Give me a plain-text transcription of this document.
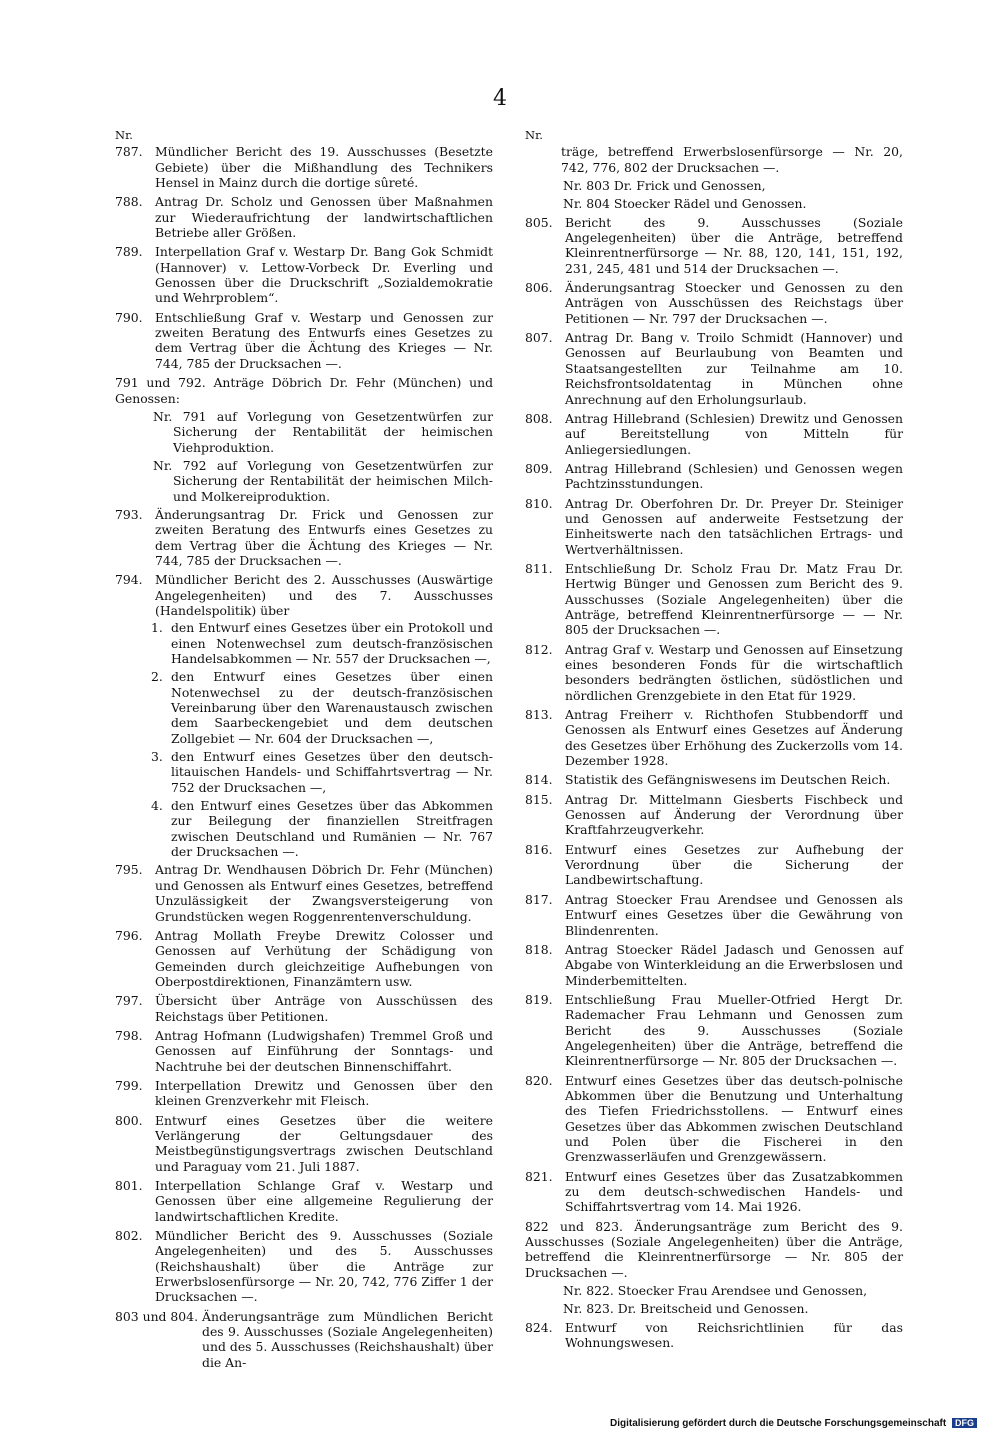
4
Nr.
787.	Mündlicher Bericht des 19. Ausschusses (Besetzte Gebiete) über die Mißhandlung des Technikers Hensel in Mainz durch die dortige sûreté.
788.	Antrag Dr. Scholz und Genossen über Maßnahmen zur Wiederaufrichtung der landwirtschaftlichen Betriebe aller Größen.
789.	Interpellation Graf v. Westarp Dr. Bang Gok Schmidt (Hannover) v. Lettow-Vorbeck Dr. Everling und Genossen über die Druckschrift „Sozialdemokratie und Wehrproblem“.
790.	Entschließung Graf v. Westarp und Genossen zur zweiten Beratung des Entwurfs eines Gesetzes zu dem Vertrag über die Ächtung des Krieges — Nr. 744, 785 der Drucksachen —.
791 und 792. Anträge Döbrich Dr. Fehr (München) und Genossen:
Nr. 791 auf Vorlegung von Gesetzentwürfen zur Sicherung der Rentabilität der heimischen Viehproduktion.
Nr. 792 auf Vorlegung von Gesetzentwürfen zur Sicherung der Rentabilität der heimischen Milch- und Molkereiproduktion.
793.	Änderungsantrag Dr. Frick und Genossen zur zweiten Beratung des Entwurfs eines Gesetzes zu dem Vertrag über die Ächtung des Krieges — Nr. 744, 785 der Drucksachen —.
794.	Mündlicher Bericht des 2. Ausschusses (Auswärtige Angelegenheiten) und des 7. Ausschusses (Handelspolitik) über
1. den Entwurf eines Gesetzes über ein Protokoll und einen Notenwechsel zum deutsch-französischen Handelsabkommen — Nr. 557 der Drucksachen —,
2. den Entwurf eines Gesetzes über einen Notenwechsel zu der deutsch-französischen Vereinbarung über den Warenaustausch zwischen dem Saarbeckengebiet und dem deutschen Zollgebiet — Nr. 604 der Drucksachen —,
3. den Entwurf eines Gesetzes über den deutsch-litauischen Handels- und Schiffahrtsvertrag — Nr. 752 der Drucksachen —,
4. den Entwurf eines Gesetzes über das Abkommen zur Beilegung der finanziellen Streitfragen zwischen Deutschland und Rumänien — Nr. 767 der Drucksachen —.
795.	Antrag Dr. Wendhausen Döbrich Dr. Fehr (München) und Genossen als Entwurf eines Gesetzes, betreffend Unzulässigkeit der Zwangsversteigerung von Grundstücken wegen Roggenrentenverschuldung.
796.	Antrag Mollath Freybe Drewitz Colosser und Genossen auf Verhütung der Schädigung von Gemeinden durch gleichzeitige Aufhebungen von Oberpostdirektionen, Finanzämtern usw.
797.	Übersicht über Anträge von Ausschüssen des Reichstags über Petitionen.
798.	Antrag Hofmann (Ludwigshafen) Tremmel Groß und Genossen auf Einführung der Sonntags- und Nachtruhe bei der deutschen Binnenschiffahrt.
799.	Interpellation Drewitz und Genossen über den kleinen Grenzverkehr mit Fleisch.
800.	Entwurf eines Gesetzes über die weitere Verlängerung der Geltungsdauer des Meistbegünstigungsvertrags zwischen Deutschland und Paraguay vom 21. Juli 1887.
801.	Interpellation Schlange Graf v. Westarp und Genossen über eine allgemeine Regulierung der landwirtschaftlichen Kredite.
802.	Mündlicher Bericht des 9. Ausschusses (Soziale Angelegenheiten) und des 5. Ausschusses (Reichshaushalt) über die Anträge zur Erwerbslosenfürsorge — Nr. 20, 742, 776 Ziffer 1 der Drucksachen —.
803 und 804. Änderungsanträge zum Mündlichen Bericht des 9. Ausschusses (Soziale Angelegenheiten) und des 5. Ausschusses (Reichshaushalt) über die An-
Nr.
träge, betreffend Erwerbslosenfürsorge — Nr. 20, 742, 776, 802 der Drucksachen —.
Nr. 803 Dr. Frick und Genossen,
Nr. 804 Stoecker Rädel und Genossen.
805.	Bericht des 9. Ausschusses (Soziale Angelegenheiten) über die Anträge, betreffend Kleinrentnerfürsorge — Nr. 88, 120, 141, 151, 192, 231, 245, 481 und 514 der Drucksachen —.
806.	Änderungsantrag Stoecker und Genossen zu den Anträgen von Ausschüssen des Reichstags über Petitionen — Nr. 797 der Drucksachen —.
807.	Antrag Dr. Bang v. Troilo Schmidt (Hannover) und Genossen auf Beurlaubung von Beamten und Staatsangestellten zur Teilnahme am 10. Reichsfrontsoldatentag in München ohne Anrechnung auf den Erholungsurlaub.
808.	Antrag Hillebrand (Schlesien) Drewitz und Genossen auf Bereitstellung von Mitteln für Anliegersiedlungen.
809.	Antrag Hillebrand (Schlesien) und Genossen wegen Pachtzinsstundungen.
810.	Antrag Dr. Oberfohren Dr. Dr. Preyer Dr. Steiniger und Genossen auf anderweite Festsetzung der Einheitswerte nach den tatsächlichen Ertrags- und Wertverhältnissen.
811.	Entschließung Dr. Scholz Frau Dr. Matz Frau Dr. Hertwig Bünger und Genossen zum Bericht des 9. Ausschusses (Soziale Angelegenheiten) über die Anträge, betreffend Kleinrentnerfürsorge — — Nr. 805 der Drucksachen —.
812.	Antrag Graf v. Westarp und Genossen auf Einsetzung eines besonderen Fonds für die wirtschaftlich besonders bedrängten östlichen, südöstlichen und nördlichen Grenzgebiete in den Etat für 1929.
813.	Antrag Freiherr v. Richthofen Stubbendorff und Genossen als Entwurf eines Gesetzes auf Änderung des Gesetzes über Erhöhung des Zuckerzolls vom 14. Dezember 1928.
814.	Statistik des Gefängniswesens im Deutschen Reich.
815.	Antrag Dr. Mittelmann Giesberts Fischbeck und Genossen auf Änderung der Verordnung über Kraftfahrzeugverkehr.
816.	Entwurf eines Gesetzes zur Aufhebung der Verordnung über die Sicherung der Landbewirtschaftung.
817.	Antrag Stoecker Frau Arendsee und Genossen als Entwurf eines Gesetzes über die Gewährung von Blindenrenten.
818.	Antrag Stoecker Rädel Jadasch und Genossen auf Abgabe von Winterkleidung an die Erwerbslosen und Minderbemittelten.
819.	Entschließung Frau Mueller-Otfried Hergt Dr. Rademacher Frau Lehmann und Genossen zum Bericht des 9. Ausschusses (Soziale Angelegenheiten) über die Anträge, betreffend die Kleinrentnerfürsorge — Nr. 805 der Drucksachen —.
820.	Entwurf eines Gesetzes über das deutsch-polnische Abkommen über die Benutzung und Unterhaltung des Tiefen Friedrichsstollens. — Entwurf eines Gesetzes über das Abkommen zwischen Deutschland und Polen über die Fischerei in den Grenzwasserläufen und Grenzgewässern.
821.	Entwurf eines Gesetzes über das Zusatzabkommen zu dem deutsch-schwedischen Handels- und Schiffahrtsvertrag vom 14. Mai 1926.
822 und 823. Änderungsanträge zum Bericht des 9. Ausschusses (Soziale Angelegenheiten) über die Anträge, betreffend die Kleinrentnerfürsorge — Nr. 805 der Drucksachen —.
Nr. 822. Stoecker Frau Arendsee und Genossen,
Nr. 823. Dr. Breitscheid und Genossen.
824.	Entwurf von Reichsrichtlinien für das Wohnungswesen.
Digitalisierung gefördert durch die Deutsche Forschungsgemeinschaft DFG
